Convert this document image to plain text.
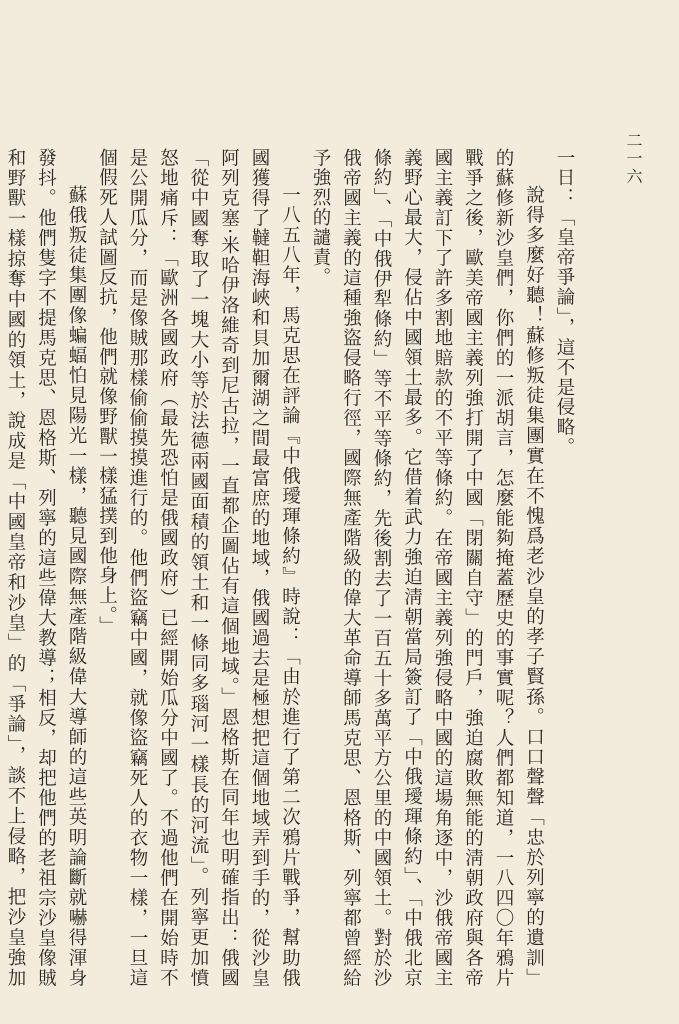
二一六

一日：「皇帝爭論」，這不是侵略。

說得多麼好聽！蘇修叛徒集團實在不愧爲老沙皇的孝子賢孫。口口聲聲「忠於列寧的遺訓」的蘇修新沙皇們，你們的一派胡言，怎麼能夠掩蓋歷史的事實呢？人們都知道，一八四〇年鴉片戰爭之後，歐美帝國主義列強打開了中國「閉關自守」的門戶，強迫腐敗無能的淸朝政府與各帝國主義訂下了許多割地賠款的不平等條約。在帝國主義列強侵略中國的這場角逐中，沙俄帝國主義野心最大，侵佔中國領土最多。它借着武力強迫淸朝當局簽訂了「中俄璦琿條約」、「中俄北京條約」、「中俄伊犁條約」等不平等條約，先後割去了一百五十多萬平方公里的中國領土。對於沙俄帝國主義的這種強盜侵略行徑，國際無產階級的偉大革命導師馬克思、恩格斯、列寧都曾經給予強烈的譴責。

一八五八年，馬克思在評論『中俄璦琿條約』時說：「由於進行了第二次鴉片戰爭，幫助俄國獲得了韃靼海峽和貝加爾湖之間最富庶的地域，俄國過去是極想把這個地域弄到手的，從沙皇阿列克塞·米哈伊洛維奇到尼古拉，一直都企圖佔有這個地域。」恩格斯在同年也明確指出：俄國「從中國奪取了一塊大小等於法德兩國面積的領土和一條同多瑙河一樣長的河流」。列寧更加憤怒地痛斥：「歐洲各國政府（最先恐怕是俄國政府）已經開始瓜分中國了。不過他們在開始時不是公開瓜分，而是像賊那樣偷偷摸摸進行的。他們盜竊中國，就像盜竊死人的衣物一樣，一旦這個假死人試圖反抗，他們就像野獸一樣猛撲到他身上。」

蘇俄叛徒集團像蝙蝠怕見陽光一樣，聽見國際無產階級偉大導師的這些英明論斷就嚇得渾身發抖。他們隻字不提馬克思、恩格斯、列寧的這些偉大教導；相反，却把他們的老祖宗沙皇像賊和野獸一樣掠奪中國的領土，說成是「中國皇帝和沙皇」的「爭論」，談不上侵略，把沙皇強加
